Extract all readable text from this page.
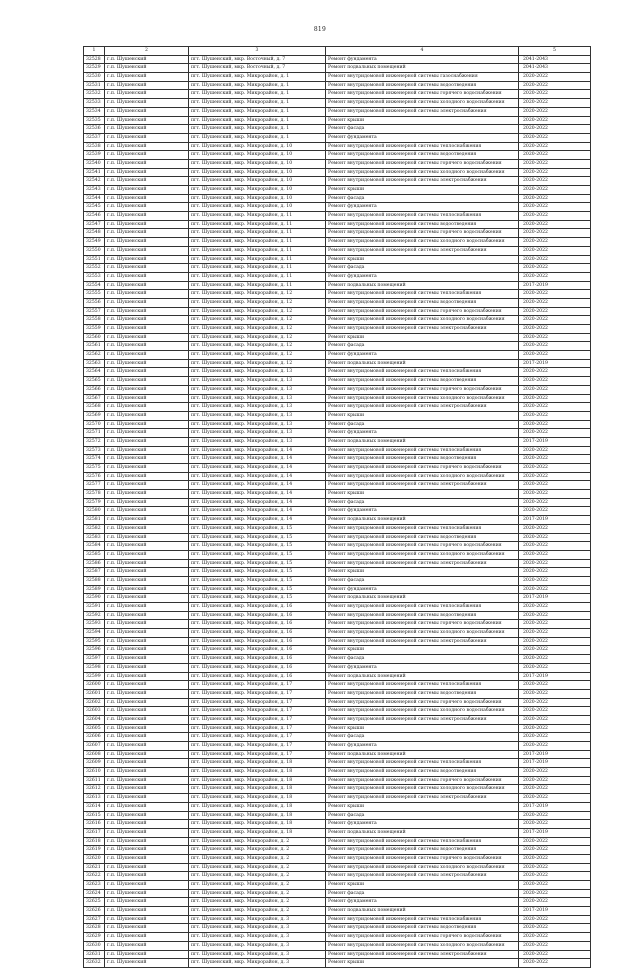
819
1	2	3	4	5
32528	г.п. Шушенский	пгт. Шушенский, мкр. Восточный, д. 7	Ремонт фундамента	2041-2043
32529	г.п. Шушенский	пгт. Шушенский, мкр. Восточный, д. 7	Ремонт подвальных помещений	2041-2043
32530	г.п. Шушенский	пгт. Шушенский, мкр. Микрорайон, д. 1	Ремонт внутридомовой инженерной системы газоснабжения	2020-2022
32531	г.п. Шушенский	пгт. Шушенский, мкр. Микрорайон, д. 1	Ремонт внутридомовой инженерной системы водоотведения	2020-2022
32532	г.п. Шушенский	пгт. Шушенский, мкр. Микрорайон, д. 1	Ремонт внутридомовой инженерной системы горячего водоснабжения	2020-2022
32533	г.п. Шушенский	пгт. Шушенский, мкр. Микрорайон, д. 1	Ремонт внутридомовой инженерной системы холодного водоснабжения	2020-2022
32534	г.п. Шушенский	пгт. Шушенский, мкр. Микрорайон, д. 1	Ремонт внутридомовой инженерной системы электроснабжения	2020-2022
32535	г.п. Шушенский	пгт. Шушенский, мкр. Микрорайон, д. 1	Ремонт крыши	2020-2022
32536	г.п. Шушенский	пгт. Шушенский, мкр. Микрорайон, д. 1	Ремонт фасада	2020-2022
32537	г.п. Шушенский	пгт. Шушенский, мкр. Микрорайон, д. 1	Ремонт фундамента	2020-2022
32538	г.п. Шушенский	пгт. Шушенский, мкр. Микрорайон, д. 10	Ремонт внутридомовой инженерной системы теплоснабжения	2020-2022
32539	г.п. Шушенский	пгт. Шушенский, мкр. Микрорайон, д. 10	Ремонт внутридомовой инженерной системы водоотведения	2020-2022
32540	г.п. Шушенский	пгт. Шушенский, мкр. Микрорайон, д. 10	Ремонт внутридомовой инженерной системы горячего водоснабжения	2020-2022
32541	г.п. Шушенский	пгт. Шушенский, мкр. Микрорайон, д. 10	Ремонт внутридомовой инженерной системы холодного водоснабжения	2020-2022
32542	г.п. Шушенский	пгт. Шушенский, мкр. Микрорайон, д. 10	Ремонт внутридомовой инженерной системы электроснабжения	2020-2022
32543	г.п. Шушенский	пгт. Шушенский, мкр. Микрорайон, д. 10	Ремонт крыши	2020-2022
32544	г.п. Шушенский	пгт. Шушенский, мкр. Микрорайон, д. 10	Ремонт фасада	2020-2022
32545	г.п. Шушенский	пгт. Шушенский, мкр. Микрорайон, д. 10	Ремонт фундамента	2020-2022
32546	г.п. Шушенский	пгт. Шушенский, мкр. Микрорайон, д. 11	Ремонт внутридомовой инженерной системы теплоснабжения	2020-2022
32547	г.п. Шушенский	пгт. Шушенский, мкр. Микрорайон, д. 11	Ремонт внутридомовой инженерной системы водоотведения	2020-2022
32548	г.п. Шушенский	пгт. Шушенский, мкр. Микрорайон, д. 11	Ремонт внутридомовой инженерной системы горячего водоснабжения	2020-2022
32549	г.п. Шушенский	пгт. Шушенский, мкр. Микрорайон, д. 11	Ремонт внутридомовой инженерной системы холодного водоснабжения	2020-2022
32550	г.п. Шушенский	пгт. Шушенский, мкр. Микрорайон, д. 11	Ремонт внутридомовой инженерной системы электроснабжения	2020-2022
32551	г.п. Шушенский	пгт. Шушенский, мкр. Микрорайон, д. 11	Ремонт крыши	2020-2022
32552	г.п. Шушенский	пгт. Шушенский, мкр. Микрорайон, д. 11	Ремонт фасада	2020-2022
32553	г.п. Шушенский	пгт. Шушенский, мкр. Микрорайон, д. 11	Ремонт фундамента	2020-2022
32554	г.п. Шушенский	пгт. Шушенский, мкр. Микрорайон, д. 11	Ремонт подвальных помещений	2017-2019
32555	г.п. Шушенский	пгт. Шушенский, мкр. Микрорайон, д. 12	Ремонт внутридомовой инженерной системы теплоснабжения	2020-2022
32556	г.п. Шушенский	пгт. Шушенский, мкр. Микрорайон, д. 12	Ремонт внутридомовой инженерной системы водоотведения	2020-2022
32557	г.п. Шушенский	пгт. Шушенский, мкр. Микрорайон, д. 12	Ремонт внутридомовой инженерной системы горячего водоснабжения	2020-2022
32558	г.п. Шушенский	пгт. Шушенский, мкр. Микрорайон, д. 12	Ремонт внутридомовой инженерной системы холодного водоснабжения	2020-2022
32559	г.п. Шушенский	пгт. Шушенский, мкр. Микрорайон, д. 12	Ремонт внутридомовой инженерной системы электроснабжения	2020-2022
32560	г.п. Шушенский	пгт. Шушенский, мкр. Микрорайон, д. 12	Ремонт крыши	2020-2022
32561	г.п. Шушенский	пгт. Шушенский, мкр. Микрорайон, д. 12	Ремонт фасада	2020-2022
32562	г.п. Шушенский	пгт. Шушенский, мкр. Микрорайон, д. 12	Ремонт фундамента	2020-2022
32563	г.п. Шушенский	пгт. Шушенский, мкр. Микрорайон, д. 12	Ремонт подвальных помещений	2017-2019
32564	г.п. Шушенский	пгт. Шушенский, мкр. Микрорайон, д. 13	Ремонт внутридомовой инженерной системы теплоснабжения	2020-2022
32565	г.п. Шушенский	пгт. Шушенский, мкр. Микрорайон, д. 13	Ремонт внутридомовой инженерной системы водоотведения	2020-2022
32566	г.п. Шушенский	пгт. Шушенский, мкр. Микрорайон, д. 13	Ремонт внутридомовой инженерной системы горячего водоснабжения	2020-2022
32567	г.п. Шушенский	пгт. Шушенский, мкр. Микрорайон, д. 13	Ремонт внутридомовой инженерной системы холодного водоснабжения	2020-2022
32568	г.п. Шушенский	пгт. Шушенский, мкр. Микрорайон, д. 13	Ремонт внутридомовой инженерной системы электроснабжения	2020-2022
32569	г.п. Шушенский	пгт. Шушенский, мкр. Микрорайон, д. 13	Ремонт крыши	2020-2022
32570	г.п. Шушенский	пгт. Шушенский, мкр. Микрорайон, д. 13	Ремонт фасада	2020-2022
32571	г.п. Шушенский	пгт. Шушенский, мкр. Микрорайон, д. 13	Ремонт фундамента	2020-2022
32572	г.п. Шушенский	пгт. Шушенский, мкр. Микрорайон, д. 13	Ремонт подвальных помещений	2017-2019
32573	г.п. Шушенский	пгт. Шушенский, мкр. Микрорайон, д. 14	Ремонт внутридомовой инженерной системы теплоснабжения	2020-2022
32574	г.п. Шушенский	пгт. Шушенский, мкр. Микрорайон, д. 14	Ремонт внутридомовой инженерной системы водоотведения	2020-2022
32575	г.п. Шушенский	пгт. Шушенский, мкр. Микрорайон, д. 14	Ремонт внутридомовой инженерной системы горячего водоснабжения	2020-2022
32576	г.п. Шушенский	пгт. Шушенский, мкр. Микрорайон, д. 14	Ремонт внутридомовой инженерной системы холодного водоснабжения	2020-2022
32577	г.п. Шушенский	пгт. Шушенский, мкр. Микрорайон, д. 14	Ремонт внутридомовой инженерной системы электроснабжения	2020-2022
32578	г.п. Шушенский	пгт. Шушенский, мкр. Микрорайон, д. 14	Ремонт крыши	2020-2022
32579	г.п. Шушенский	пгт. Шушенский, мкр. Микрорайон, д. 14	Ремонт фасада	2020-2022
32580	г.п. Шушенский	пгт. Шушенский, мкр. Микрорайон, д. 14	Ремонт фундамента	2020-2022
32581	г.п. Шушенский	пгт. Шушенский, мкр. Микрорайон, д. 14	Ремонт подвальных помещений	2017-2019
32582	г.п. Шушенский	пгт. Шушенский, мкр. Микрорайон, д. 15	Ремонт внутридомовой инженерной системы теплоснабжения	2020-2022
32583	г.п. Шушенский	пгт. Шушенский, мкр. Микрорайон, д. 15	Ремонт внутридомовой инженерной системы водоотведения	2020-2022
32584	г.п. Шушенский	пгт. Шушенский, мкр. Микрорайон, д. 15	Ремонт внутридомовой инженерной системы горячего водоснабжения	2020-2022
32585	г.п. Шушенский	пгт. Шушенский, мкр. Микрорайон, д. 15	Ремонт внутридомовой инженерной системы холодного водоснабжения	2020-2022
32586	г.п. Шушенский	пгт. Шушенский, мкр. Микрорайон, д. 15	Ремонт внутридомовой инженерной системы электроснабжения	2020-2022
32587	г.п. Шушенский	пгт. Шушенский, мкр. Микрорайон, д. 15	Ремонт крыши	2020-2022
32588	г.п. Шушенский	пгт. Шушенский, мкр. Микрорайон, д. 15	Ремонт фасада	2020-2022
32589	г.п. Шушенский	пгт. Шушенский, мкр. Микрорайон, д. 15	Ремонт фундамента	2020-2022
32590	г.п. Шушенский	пгт. Шушенский, мкр. Микрорайон, д. 15	Ремонт подвальных помещений	2017-2019
32591	г.п. Шушенский	пгт. Шушенский, мкр. Микрорайон, д. 16	Ремонт внутридомовой инженерной системы теплоснабжения	2020-2022
32592	г.п. Шушенский	пгт. Шушенский, мкр. Микрорайон, д. 16	Ремонт внутридомовой инженерной системы водоотведения	2020-2022
32593	г.п. Шушенский	пгт. Шушенский, мкр. Микрорайон, д. 16	Ремонт внутридомовой инженерной системы горячего водоснабжения	2020-2022
32594	г.п. Шушенский	пгт. Шушенский, мкр. Микрорайон, д. 16	Ремонт внутридомовой инженерной системы холодного водоснабжения	2020-2022
32595	г.п. Шушенский	пгт. Шушенский, мкр. Микрорайон, д. 16	Ремонт внутридомовой инженерной системы электроснабжения	2020-2022
32596	г.п. Шушенский	пгт. Шушенский, мкр. Микрорайон, д. 16	Ремонт крыши	2020-2022
32597	г.п. Шушенский	пгт. Шушенский, мкр. Микрорайон, д. 16	Ремонт фасада	2020-2022
32598	г.п. Шушенский	пгт. Шушенский, мкр. Микрорайон, д. 16	Ремонт фундамента	2020-2022
32599	г.п. Шушенский	пгт. Шушенский, мкр. Микрорайон, д. 16	Ремонт подвальных помещений	2017-2019
32600	г.п. Шушенский	пгт. Шушенский, мкр. Микрорайон, д. 17	Ремонт внутридомовой инженерной системы теплоснабжения	2020-2022
32601	г.п. Шушенский	пгт. Шушенский, мкр. Микрорайон, д. 17	Ремонт внутридомовой инженерной системы водоотведения	2020-2022
32602	г.п. Шушенский	пгт. Шушенский, мкр. Микрорайон, д. 17	Ремонт внутридомовой инженерной системы горячего водоснабжения	2020-2022
32603	г.п. Шушенский	пгт. Шушенский, мкр. Микрорайон, д. 17	Ремонт внутридомовой инженерной системы холодного водоснабжения	2020-2022
32604	г.п. Шушенский	пгт. Шушенский, мкр. Микрорайон, д. 17	Ремонт внутридомовой инженерной системы электроснабжения	2020-2022
32605	г.п. Шушенский	пгт. Шушенский, мкр. Микрорайон, д. 17	Ремонт крыши	2020-2022
32606	г.п. Шушенский	пгт. Шушенский, мкр. Микрорайон, д. 17	Ремонт фасада	2020-2022
32607	г.п. Шушенский	пгт. Шушенский, мкр. Микрорайон, д. 17	Ремонт фундамента	2020-2022
32608	г.п. Шушенский	пгт. Шушенский, мкр. Микрорайон, д. 17	Ремонт подвальных помещений	2017-2019
32609	г.п. Шушенский	пгт. Шушенский, мкр. Микрорайон, д. 18	Ремонт внутридомовой инженерной системы теплоснабжения	2017-2019
32610	г.п. Шушенский	пгт. Шушенский, мкр. Микрорайон, д. 18	Ремонт внутридомовой инженерной системы водоотведения	2020-2022
32611	г.п. Шушенский	пгт. Шушенский, мкр. Микрорайон, д. 18	Ремонт внутридомовой инженерной системы горячего водоснабжения	2020-2022
32612	г.п. Шушенский	пгт. Шушенский, мкр. Микрорайон, д. 18	Ремонт внутридомовой инженерной системы холодного водоснабжения	2020-2022
32613	г.п. Шушенский	пгт. Шушенский, мкр. Микрорайон, д. 18	Ремонт внутридомовой инженерной системы электроснабжения	2020-2022
32614	г.п. Шушенский	пгт. Шушенский, мкр. Микрорайон, д. 18	Ремонт крыши	2017-2019
32615	г.п. Шушенский	пгт. Шушенский, мкр. Микрорайон, д. 18	Ремонт фасада	2020-2022
32616	г.п. Шушенский	пгт. Шушенский, мкр. Микрорайон, д. 18	Ремонт фундамента	2020-2022
32617	г.п. Шушенский	пгт. Шушенский, мкр. Микрорайон, д. 18	Ремонт подвальных помещений	2017-2019
32618	г.п. Шушенский	пгт. Шушенский, мкр. Микрорайон, д. 2	Ремонт внутридомовой инженерной системы теплоснабжения	2020-2022
32619	г.п. Шушенский	пгт. Шушенский, мкр. Микрорайон, д. 2	Ремонт внутридомовой инженерной системы водоотведения	2020-2022
32620	г.п. Шушенский	пгт. Шушенский, мкр. Микрорайон, д. 2	Ремонт внутридомовой инженерной системы горячего водоснабжения	2020-2022
32621	г.п. Шушенский	пгт. Шушенский, мкр. Микрорайон, д. 2	Ремонт внутридомовой инженерной системы холодного водоснабжения	2020-2022
32622	г.п. Шушенский	пгт. Шушенский, мкр. Микрорайон, д. 2	Ремонт внутридомовой инженерной системы электроснабжения	2020-2022
32623	г.п. Шушенский	пгт. Шушенский, мкр. Микрорайон, д. 2	Ремонт крыши	2020-2022
32624	г.п. Шушенский	пгт. Шушенский, мкр. Микрорайон, д. 2	Ремонт фасада	2020-2022
32625	г.п. Шушенский	пгт. Шушенский, мкр. Микрорайон, д. 2	Ремонт фундамента	2020-2022
32626	г.п. Шушенский	пгт. Шушенский, мкр. Микрорайон, д. 2	Ремонт подвальных помещений	2017-2019
32627	г.п. Шушенский	пгт. Шушенский, мкр. Микрорайон, д. 3	Ремонт внутридомовой инженерной системы теплоснабжения	2020-2022
32628	г.п. Шушенский	пгт. Шушенский, мкр. Микрорайон, д. 3	Ремонт внутридомовой инженерной системы водоотведения	2020-2022
32629	г.п. Шушенский	пгт. Шушенский, мкр. Микрорайон, д. 3	Ремонт внутридомовой инженерной системы горячего водоснабжения	2020-2022
32630	г.п. Шушенский	пгт. Шушенский, мкр. Микрорайон, д. 3	Ремонт внутридомовой инженерной системы холодного водоснабжения	2020-2022
32631	г.п. Шушенский	пгт. Шушенский, мкр. Микрорайон, д. 3	Ремонт внутридомовой инженерной системы электроснабжения	2020-2022
32632	г.п. Шушенский	пгт. Шушенский, мкр. Микрорайон, д. 3	Ремонт крыши	2020-2022
